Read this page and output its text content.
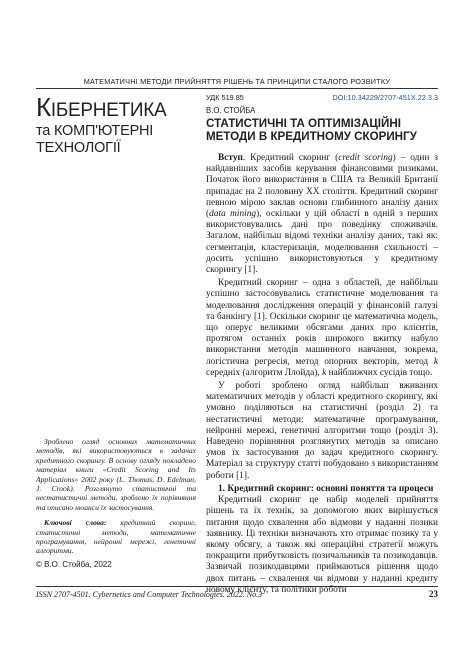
МАТЕМАТИЧНІ МЕТОДИ ПРИЙНЯТТЯ РІШЕНЬ ТА ПРИНЦИПИ СТАЛОГО РОЗВИТКУ
КІБЕРНЕТИКА
та КОМП'ЮТЕРНІ
ТЕХНОЛОГІЇ
УДК 519.85	DOI:10.34229/2707-451X.22.3.3
В.О. СТОЙБА
СТАТИСТИЧНІ ТА ОПТИМІЗАЦІЙНІ МЕТОДИ В КРЕДИТНОМУ СКОРИНГУ

Вступ. Кредитний скоринг (credit scoring) – один з найдавніших засобів керування фінансовими ризиками. Початок його використання в США та Великій Британії припадає на 2 половину XX століття. Кредитний скоринг певною мірою заклав основи глибинного аналізу даних (data mining), оскільки у цій області в одній з перших використовувались дані про поведінку споживачів. Загалом, найбільш відомі техніки аналізу даних, такі як: сегментація, кластеризація, моделювання схильності – досить успішно використовуються у кредитному скорингу [1].

Кредитний скоринг – одна з областей, де найбільш успішно застосовувались статистичне моделювання та моделювання дослідження операцій у фінансовій галузі та банкінгу [1]. Оскільки скоринг це математична модель, що оперує великими обсягами даних про клієнтів, протягом останніх років широкого вжитку набуло використання методів машинного навчання, зокрема, логістична регресія, метод опорних векторів, метод k середніх (алгоритм Ллойда), k найближчих сусідів тощо.

У роботі зроблено огляд найбільш вживаних математичних методів у області кредитного скорингу, які умовно поділяються на статистичні (розділ 2) та нестатистичні методи: математичне програмування, нейронні мережі, генетичні алгоритми тощо (розділ 3). Наведено порівняння розглянутих методів за описано умов їх застосування до задач кредитного скорингу. Матеріал за структуру статті побудовано з використанням роботи [1].

1. Кредитний скоринг: основні поняття та процеси

Кредитний скоринг це набір моделей прийняття рішень та їх технік, за допомогою яких вирішується питання щодо схвалення або відмови у наданні позики заявнику. Ці техніки визначають хто отримає позику та у якому обсягу, а також які операційні стратегії можуть покращити прибутковість позичальників та позикодавців. Зазвичай позикодавцями приймаються рішення щодо двох питань – схвалення чи відмови у наданні кредиту новому клієнту, та політики роботи

Зроблено огляд основних математичних методів, які використовуються в задачах кредитного скорингу. В основу огляду покладено матеріал книги «Credit Scoring and Its Applications» 2002 року (L. Thomas, D. Edelman, J. Crook). Розглянуто статистичні та нестатистичні методи, зроблено їх порівняння та описано нюанси їх застосування.

Ключові слова: кредитний скоринг, статистичні методи, математичне програмування, нейронні мережі, генетичні алгоритми.

© В.О. Стойба, 2022
ISSN 2707-4501. Cybernetics and Computer Technologies. 2022. No.3	23
